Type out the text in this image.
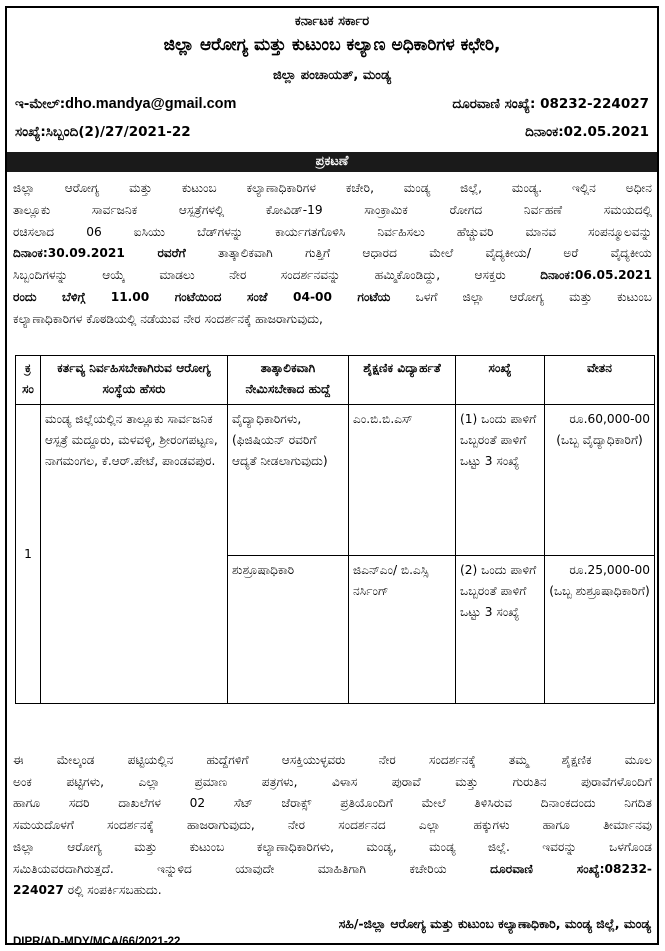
ಕರ್ನಾಟಕ ಸರ್ಕಾರ
ಜಿಲ್ಲಾ ಆರೋಗ್ಯ ಮತ್ತು ಕುಟುಂಬ ಕಲ್ಯಾಣ ಅಧಿಕಾರಿಗಳ ಕಛೇರಿ,
ಜಿಲ್ಲಾ ಪಂಚಾಯತ್, ಮಂಡ್ಯ
ಇ-ಮೇಲ್:dho.mandya@gmail.com	ದೂರವಾಣಿ ಸಂಖ್ಯೆ: 08232-224027
ಸಂಖ್ಯೆ:ಸಿಬ್ಬಂದಿ(2)/27/2021-22	ದಿನಾಂಕ:02.05.2021
ಪ್ರಕಟಣೆ
ಜಿಲ್ಲಾ ಆರೋಗ್ಯ ಮತ್ತು ಕುಟುಂಬ ಕಲ್ಯಾಣಾಧಿಕಾರಿಗಳ ಕಚೇರಿ, ಮಂಡ್ಯ ಜಿಲ್ಲೆ, ಮಂಡ್ಯ. ಇಲ್ಲಿನ ಅಧೀನ
ತಾಲ್ಲೂಕು ಸಾರ್ವಜನಿಕ ಆಸ್ಪತ್ರೆಗಳಲ್ಲಿ ಕೋವಿಡ್-19 ಸಾಂಕ್ರಾಮಿಕ ರೋಗದ ನಿರ್ವಹಣೆ ಸಮಯದಲ್ಲಿ
ರಚಿಸಲಾದ 06 ಐಸಿಯು ಬೆಡ್‌ಗಳನ್ನು ಕಾರ್ಯಗತಗೊಳಿಸಿ ನಿರ್ವಹಿಸಲು ಹೆಚ್ಚುವರಿ ಮಾನವ ಸಂಪನ್ಮೂಲವನ್ನು
ದಿನಾಂಕ:30.09.2021 ರವರೆಗೆ ತಾತ್ಕಾಲಿಕವಾಗಿ ಗುತ್ತಿಗೆ ಆಧಾರದ ಮೇಲೆ ವೈದ್ಯಕೀಯ/ ಅರೆ ವೈದ್ಯಕೀಯ
ಸಿಬ್ಬಂದಿಗಳನ್ನು ಆಯ್ಕೆ ಮಾಡಲು ನೇರ ಸಂದರ್ಶನವನ್ನು ಹಮ್ಮಿಕೊಂಡಿದ್ದು, ಆಸಕ್ತರು ದಿನಾಂಕ:06.05.2021
ರಂದು ಬೆಳಿಗ್ಗೆ 11.00 ಗಂಟೆಯಿಂದ ಸಂಜೆ 04-00 ಗಂಟೆಯ ಒಳಗೆ ಜಿಲ್ಲಾ ಆರೋಗ್ಯ ಮತ್ತು ಕುಟುಂಬ
ಕಲ್ಯಾಣಾಧಿಕಾರಿಗಳ ಕೊಠಡಿಯಲ್ಲಿ ನಡೆಯುವ ನೇರ ಸಂದರ್ಶನಕ್ಕೆ ಹಾಜರಾಗುವುದು,
ಕ್ರ ಸಂ	ಕರ್ತವ್ಯ ನಿರ್ವಹಿಸಬೇಕಾಗಿರುವ ಆರೋಗ್ಯ ಸಂಸ್ಥೆಯ ಹೆಸರು	ತಾತ್ಕಾಲಿಕವಾಗಿ ನೇಮಿಸಬೇಕಾದ ಹುದ್ದೆ	ಶೈಕ್ಷಣಿಕ ವಿದ್ಯಾರ್ಹತೆ	ಸಂಖ್ಯೆ	ವೇತನ
1	ಮಂಡ್ಯ ಜಿಲ್ಲೆಯಲ್ಲಿನ ತಾಲ್ಲೂಕು ಸಾರ್ವಜನಿಕ ಆಸ್ಪತ್ರೆ ಮದ್ದೂರು, ಮಳವಳ್ಳಿ, ಶ್ರೀರಂಗಪಟ್ಟಣ, ನಾಗಮಂಗಲ, ಕೆ.ಆರ್.ಪೇಟೆ, ಪಾಂಡವಪುರ.	ವೈದ್ಯಾಧಿಕಾರಿಗಳು, (ಫಿಜಿಷಿಯನ್ ರವರಿಗೆ ಆದ್ಯತೆ ನೀಡಲಾಗುವುದು)	ಎಂ.ಬಿ.ಬಿ.ಎಸ್	(1) ಒಂದು ಪಾಳಿಗೆ ಒಬ್ಬರಂತೆ ಪಾಳಿಗೆ ಒಟ್ಟು 3 ಸಂಖ್ಯೆ	ರೂ.60,000-00
(ಒಬ್ಬ ವೈದ್ಯಾಧಿಕಾರಿಗೆ)

		ಶುಶ್ರೂಷಾಧಿಕಾರಿ	ಜಿಎನ್‌ಎಂ/ ಬಿ.ಎಸ್ಸಿ ನರ್ಸಿಂಗ್	(2) ಒಂದು ಪಾಳಿಗೆ ಒಬ್ಬರಂತೆ ಪಾಳಿಗೆ ಒಟ್ಟು 3 ಸಂಖ್ಯೆ	ರೂ.25,000-00
(ಒಬ್ಬ ಶುಶ್ರೂಷಾಧಿಕಾರಿಗೆ)
ಈ ಮೇಲ್ಕಂಡ ಪಟ್ಟಿಯಲ್ಲಿನ ಹುದ್ದೆಗಳಿಗೆ ಆಸಕ್ತಿಯುಳ್ಳವರು ನೇರ ಸಂದರ್ಶನಕ್ಕೆ ತಮ್ಮ ಶೈಕ್ಷಣಿಕ ಮೂಲ
ಅಂಕ ಪಟ್ಟಿಗಳು, ಎಲ್ಲಾ ಪ್ರಮಾಣ ಪತ್ರಗಳು, ವಿಳಾಸ ಪುರಾವೆ ಮತ್ತು ಗುರುತಿನ ಪುರಾವೆಗಳೊಂದಿಗೆ
ಹಾಗೂ ಸದರಿ ದಾಖಲೆಗಳ 02 ಸೆಟ್ ಜೆರಾಕ್ಸ್ ಪ್ರತಿಯೊಂದಿಗೆ ಮೇಲೆ ತಿಳಿಸಿರುವ ದಿನಾಂಕದಂದು ನಿಗದಿತ
ಸಮಯದೊಳಗೆ ಸಂದರ್ಶನಕ್ಕೆ ಹಾಜರಾಗುವುದು, ನೇರ ಸಂದರ್ಶನದ ಎಲ್ಲಾ ಹಕ್ಕುಗಳು ಹಾಗೂ ತೀರ್ಮಾನವು
ಜಿಲ್ಲಾ ಆರೋಗ್ಯ ಮತ್ತು ಕುಟುಂಬ ಕಲ್ಯಾಣಾಧಿಕಾರಿಗಳು, ಮಂಡ್ಯ, ಮಂಡ್ಯ ಜಿಲ್ಲೆ. ಇವರನ್ನು ಒಳಗೊಂಡ
ಸಮಿತಿಯವರದಾಗಿರುತ್ತದೆ. ಇನ್ನುಳಿದ ಯಾವುದೇ ಮಾಹಿತಿಗಾಗಿ ಕಚೇರಿಯ ದೂರವಾಣಿ ಸಂಖ್ಯೆ:08232-
224027 ರಲ್ಲಿ ಸಂಪರ್ಕಿಸಬಹುದು.
ಸಹಿ/-ಜಿಲ್ಲಾ ಆರೋಗ್ಯ ಮತ್ತು ಕುಟುಂಬ ಕಲ್ಯಾಣಾಧಿಕಾರಿ, ಮಂಡ್ಯ ಜಿಲ್ಲೆ, ಮಂಡ್ಯ
DIPR/AD-MDY/MCA/66/2021-22
